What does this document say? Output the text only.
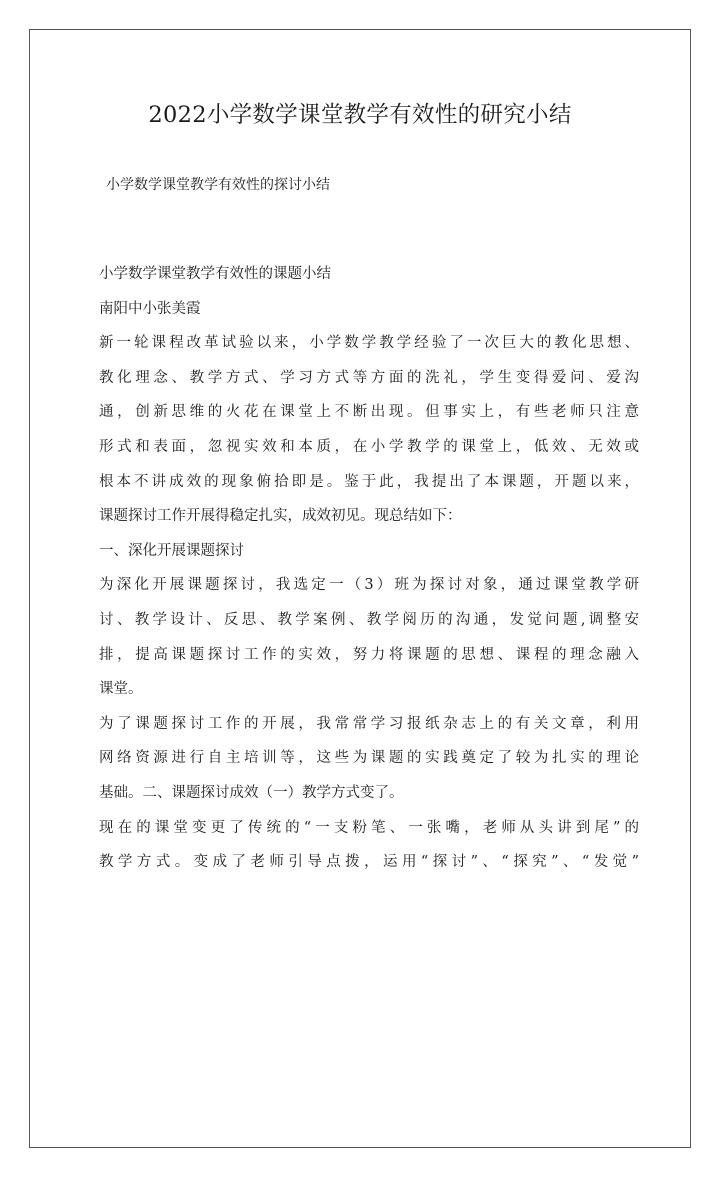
2022小学数学课堂教学有效性的研究小结
小学数学课堂教学有效性的探讨小结
小学数学课堂教学有效性的课题小结
南阳中小张美霞
新一轮课程改革试验以来，小学数学教学经验了一次巨大的教化思想、
教化理念、教学方式、学习方式等方面的洗礼，学生变得爱问、爱沟
通，创新思维的火花在课堂上不断出现。但事实上，有些老师只注意
形式和表面，忽视实效和本质，在小学教学的课堂上，低效、无效或
根本不讲成效的现象俯拾即是。鉴于此，我提出了本课题，开题以来，
课题探讨工作开展得稳定扎实，成效初见。现总结如下：
一、深化开展课题探讨
为深化开展课题探讨，我选定一（3）班为探讨对象，通过课堂教学研
讨、教学设计、反思、教学案例、教学阅历的沟通，发觉问题,调整安
排，提高课题探讨工作的实效，努力将课题的思想、课程的理念融入
课堂。
为了课题探讨工作的开展，我常常学习报纸杂志上的有关文章，利用
网络资源进行自主培训等，这些为课题的实践奠定了较为扎实的理论
基础。二、课题探讨成效（一）教学方式变了。
现在的课堂变更了传统的“一支粉笔、一张嘴，老师从头讲到尾”的
教学方式。变成了老师引导点拨，运用“探讨”、“探究”、“发觉”
